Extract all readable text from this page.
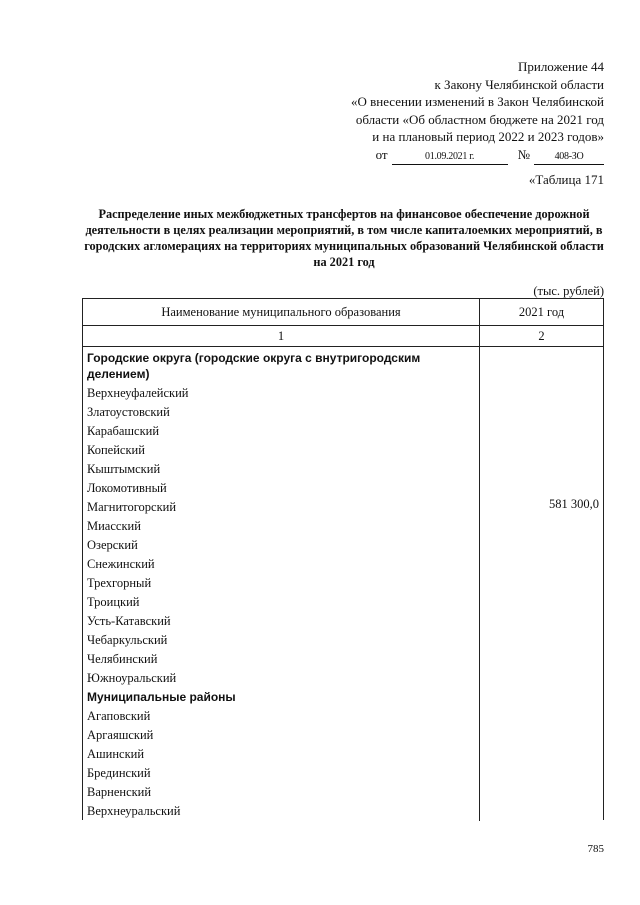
Приложение 44
к Закону Челябинской области
«О внесении изменений в Закон Челябинской
области «Об областном бюджете на 2021 год
и на плановый период 2022 и 2023 годов»
от	01.09.2021 г.	№	408-ЗО
«Таблица 171
Распределение иных межбюджетных трансфертов на финансовое обеспечение дорожной деятельности в целях реализации мероприятий, в том числе капиталоемких мероприятий, в городских агломерациях на территориях муниципальных образований Челябинской области на 2021 год
(тыс. рублей)
Наименование муниципального образования	2021 год
1	2
Городские округа (городские округа с внутригородским делением)
Верхнеуфалейский
Златоустовский
Карабашский
Копейский
Кыштымский
Локомотивный
Магнитогорский
Миасский
Озерский
Снежинский
Трехгорный
Троицкий
Усть-Катавский
Чебаркульский
Челябинский
Южноуральский
Муниципальные районы
Агаповский
Аргаяшский
Ашинский
Брединский
Варненский
Верхнеуральский
581 300,0
785
